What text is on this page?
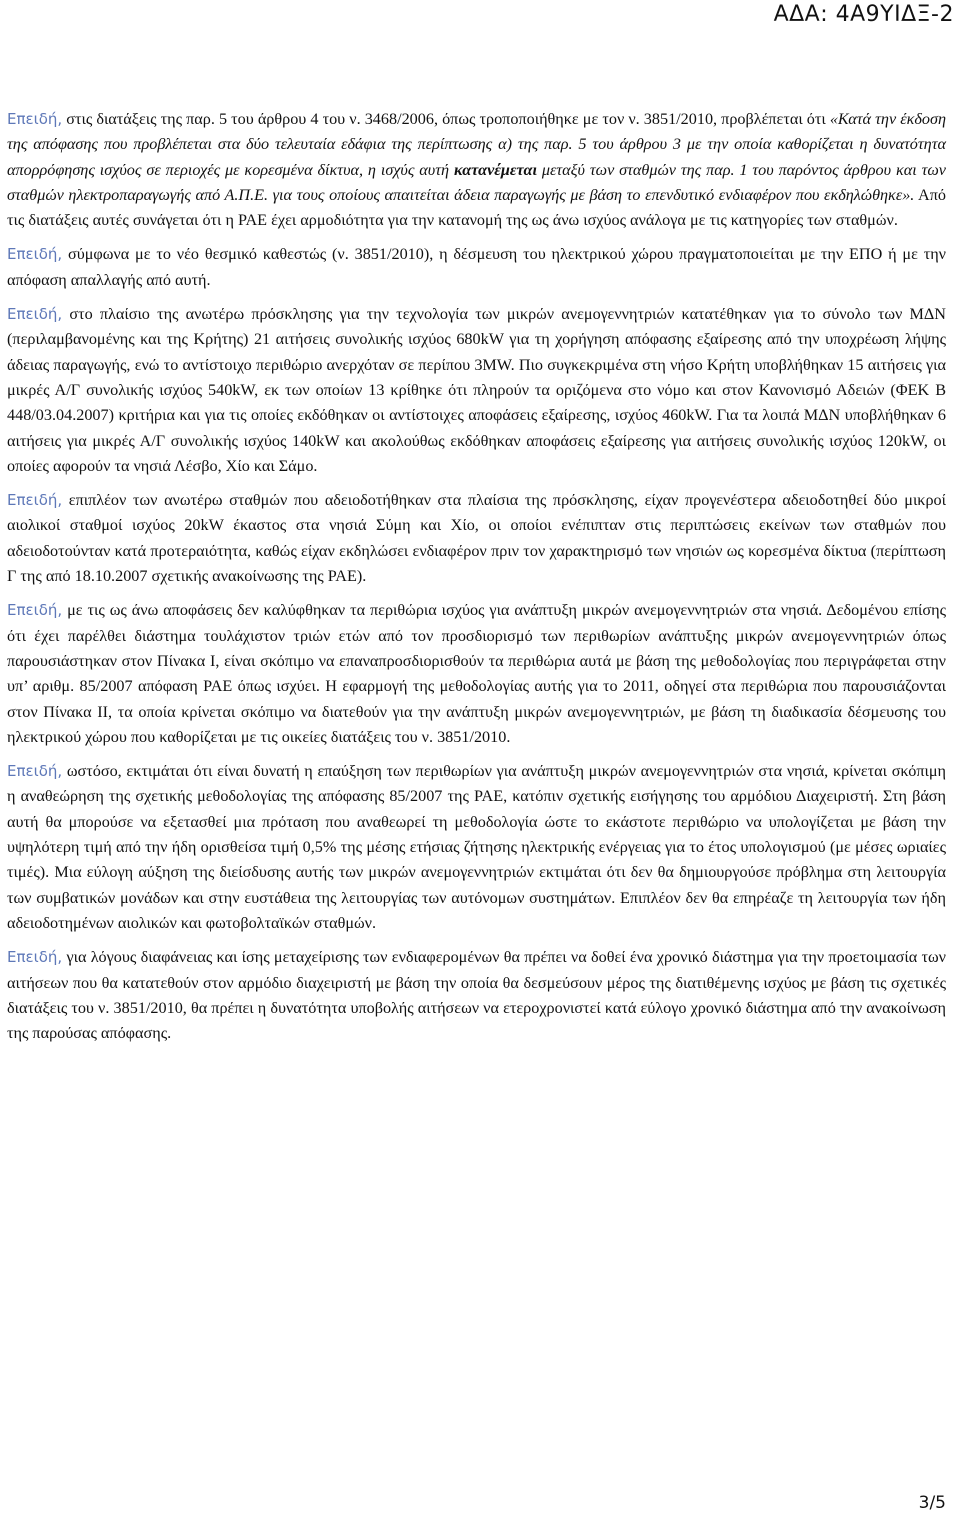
ΑΔΑ: 4Α9ΥΙΔΞ-2

Επειδή, στις διατάξεις της παρ. 5 του άρθρου 4 του ν. 3468/2006, όπως τροποποιήθηκε με τον ν. 3851/2010, προβλέπεται ότι «Κατά την έκδοση της απόφασης που προβλέπεται στα δύο τελευταία εδάφια της περίπτωσης α) της παρ. 5 του άρθρου 3 με την οποία καθορίζεται η δυνατότητα απορρόφησης ισχύος σε περιοχές με κορεσμένα δίκτυα, η ισχύς αυτή κατανέμεται μεταξύ των σταθμών της παρ. 1 του παρόντος άρθρου και των σταθμών ηλεκτροπαραγωγής από Α.Π.Ε. για τους οποίους απαιτείται άδεια παραγωγής με βάση το επενδυτικό ενδιαφέρον που εκδηλώθηκε». Από τις διατάξεις αυτές συνάγεται ότι η ΡΑΕ έχει αρμοδιότητα για την κατανομή της ως άνω ισχύος ανάλογα με τις κατηγορίες των σταθμών.

Επειδή, σύμφωνα με το νέο θεσμικό καθεστώς (ν. 3851/2010), η δέσμευση του ηλεκτρικού χώρου πραγματοποιείται με την ΕΠΟ ή με την απόφαση απαλλαγής από αυτή.

Επειδή, στο πλαίσιο της ανωτέρω πρόσκλησης για την τεχνολογία των μικρών ανεμογεννητριών κατατέθηκαν για το σύνολο των ΜΔΝ (περιλαμβανομένης και της Κρήτης) 21 αιτήσεις συνολικής ισχύος 680kW για τη χορήγηση απόφασης εξαίρεσης από την υποχρέωση λήψης άδειας παραγωγής, ενώ το αντίστοιχο περιθώριο ανερχόταν σε περίπου 3MW. Πιο συγκεκριμένα στη νήσο Κρήτη υποβλήθηκαν 15 αιτήσεις για μικρές Α/Γ συνολικής ισχύος 540kW, εκ των οποίων 13 κρίθηκε ότι πληρούν τα οριζόμενα στο νόμο και στον Κανονισμό Αδειών (ΦΕΚ Β 448/03.04.2007) κριτήρια και για τις οποίες εκδόθηκαν οι αντίστοιχες αποφάσεις εξαίρεσης, ισχύος 460kW. Για τα λοιπά ΜΔΝ υποβλήθηκαν 6 αιτήσεις για μικρές Α/Γ συνολικής ισχύος 140kW και ακολούθως εκδόθηκαν αποφάσεις εξαίρεσης για αιτήσεις συνολικής ισχύος 120kW, οι οποίες αφορούν τα νησιά Λέσβο, Χίο και Σάμο.

Επειδή, επιπλέον των ανωτέρω σταθμών που αδειοδοτήθηκαν στα πλαίσια της πρόσκλησης, είχαν προγενέστερα αδειοδοτηθεί δύο μικροί αιολικοί σταθμοί ισχύος 20kW έκαστος στα νησιά Σύμη και Χίο, οι οποίοι ενέπιπταν στις περιπτώσεις εκείνων των σταθμών που αδειοδοτούνταν κατά προτεραιότητα, καθώς είχαν εκδηλώσει ενδιαφέρον πριν τον χαρακτηρισμό των νησιών ως κορεσμένα δίκτυα (περίπτωση Γ της από 18.10.2007 σχετικής ανακοίνωσης της ΡΑΕ).

Επειδή, με τις ως άνω αποφάσεις δεν καλύφθηκαν τα περιθώρια ισχύος για ανάπτυξη μικρών ανεμογεννητριών στα νησιά. Δεδομένου επίσης ότι έχει παρέλθει διάστημα τουλάχιστον τριών ετών από τον προσδιορισμό των περιθωρίων ανάπτυξης μικρών ανεμογεννητριών όπως παρουσιάστηκαν στον Πίνακα Ι, είναι σκόπιμο να επαναπροσδιορισθούν τα περιθώρια αυτά με βάση της μεθοδολογίας που περιγράφεται στην υπ’ αριθμ. 85/2007 απόφαση ΡΑΕ όπως ισχύει. Η εφαρμογή της μεθοδολογίας αυτής για το 2011, οδηγεί στα περιθώρια που παρουσιάζονται στον Πίνακα ΙΙ, τα οποία κρίνεται σκόπιμο να διατεθούν για την ανάπτυξη μικρών ανεμογεννητριών, με βάση τη διαδικασία δέσμευσης του ηλεκτρικού χώρου που καθορίζεται με τις οικείες διατάξεις του ν. 3851/2010.

Επειδή, ωστόσο, εκτιμάται ότι είναι δυνατή η επαύξηση των περιθωρίων για ανάπτυξη μικρών ανεμογεννητριών στα νησιά, κρίνεται σκόπιμη η αναθεώρηση της σχετικής μεθοδολογίας της απόφασης 85/2007 της ΡΑΕ, κατόπιν σχετικής εισήγησης του αρμόδιου Διαχειριστή. Στη βάση αυτή θα μπορούσε να εξετασθεί μια πρόταση που αναθεωρεί τη μεθοδολογία ώστε το εκάστοτε περιθώριο να υπολογίζεται με βάση την υψηλότερη τιμή από την ήδη ορισθείσα τιμή 0,5% της μέσης ετήσιας ζήτησης ηλεκτρικής ενέργειας για το έτος υπολογισμού (με μέσες ωριαίες τιμές). Μια εύλογη αύξηση της διείσδυσης αυτής των μικρών ανεμογεννητριών εκτιμάται ότι δεν θα δημιουργούσε πρόβλημα στη λειτουργία των συμβατικών μονάδων και στην ευστάθεια της λειτουργίας των αυτόνομων συστημάτων. Επιπλέον δεν θα επηρέαζε τη λειτουργία των ήδη αδειοδοτημένων αιολικών και φωτοβολταϊκών σταθμών.

Επειδή, για λόγους διαφάνειας και ίσης μεταχείρισης των ενδιαφερομένων θα πρέπει να δοθεί ένα χρονικό διάστημα για την προετοιμασία των αιτήσεων που θα κατατεθούν στον αρμόδιο διαχειριστή με βάση την οποία θα δεσμεύσουν μέρος της διατιθέμενης ισχύος με βάση τις σχετικές διατάξεις του ν. 3851/2010, θα πρέπει η δυνατότητα υποβολής αιτήσεων να ετεροχρονιστεί κατά εύλογο χρονικό διάστημα από την ανακοίνωση της παρούσας απόφασης.

3/5
